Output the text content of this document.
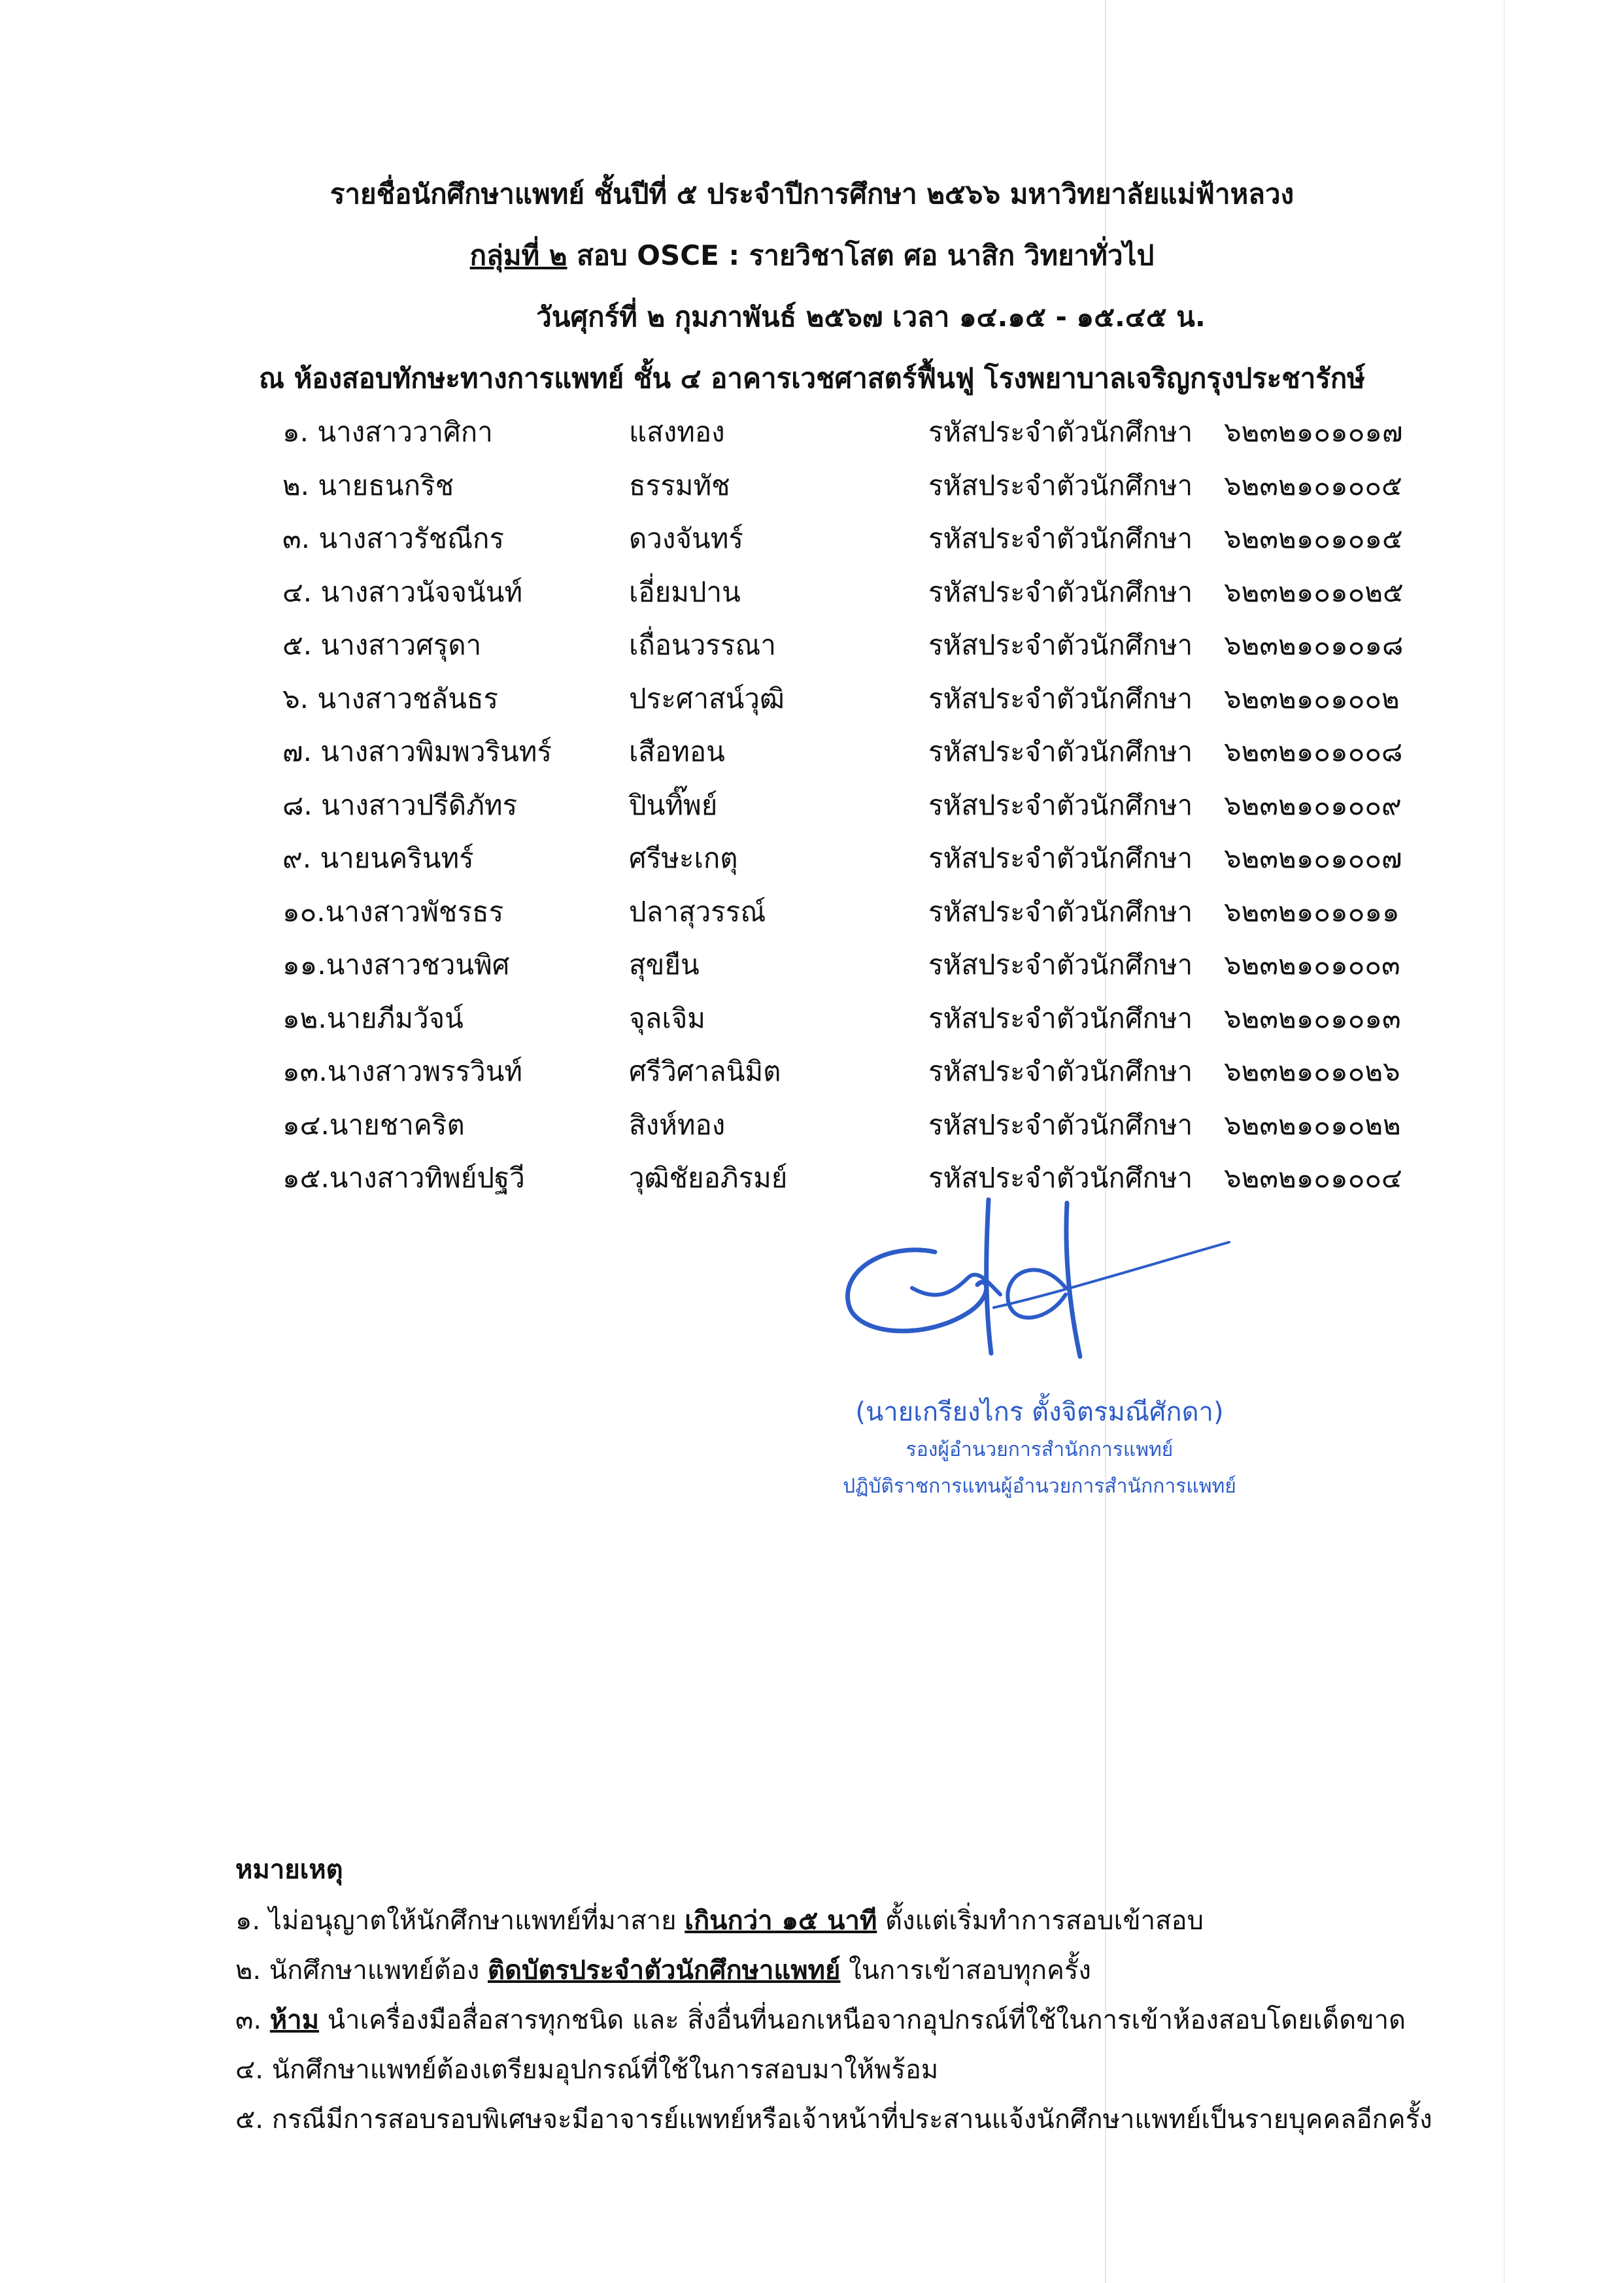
รายชื่อนักศึกษาแพทย์ ชั้นปีที่ ๕ ประจำปีการศึกษา ๒๕๖๖ มหาวิทยาลัยแม่ฟ้าหลวง
กลุ่มที่ ๒ สอบ OSCE : รายวิชาโสต ศอ นาสิก วิทยาทั่วไป
วันศุกร์ที่ ๒ กุมภาพันธ์ ๒๕๖๗ เวลา ๑๔.๑๕ - ๑๕.๔๕ น.
ณ ห้องสอบทักษะทางการแพทย์ ชั้น ๔ อาคารเวชศาสตร์ฟื้นฟู โรงพยาบาลเจริญกรุงประชารักษ์
๑. นางสาววาศิกา	แสงทอง	รหัสประจำตัวนักศึกษา ๖๒๓๒๑๐๑๐๑๗
๒. นายธนกริช	ธรรมทัช	รหัสประจำตัวนักศึกษา ๖๒๓๒๑๐๑๐๐๕
๓. นางสาวรัชณีกร	ดวงจันทร์	รหัสประจำตัวนักศึกษา ๖๒๓๒๑๐๑๐๑๕
๔. นางสาวนัจจนันท์	เอี่ยมปาน	รหัสประจำตัวนักศึกษา ๖๒๓๒๑๐๑๐๒๕
๕. นางสาวศรุดา	เถื่อนวรรณา	รหัสประจำตัวนักศึกษา ๖๒๓๒๑๐๑๐๑๘
๖. นางสาวชลันธร	ประศาสน์วุฒิ	รหัสประจำตัวนักศึกษา ๖๒๓๒๑๐๑๐๐๒
๗. นางสาวพิมพวรินทร์	เสือทอน	รหัสประจำตัวนักศึกษา ๖๒๓๒๑๐๑๐๐๘
๘. นางสาวปรีดิภัทร	ปินทิ๊พย์	รหัสประจำตัวนักศึกษา ๖๒๓๒๑๐๑๐๐๙
๙. นายนครินทร์	ศรีษะเกตุ	รหัสประจำตัวนักศึกษา ๖๒๓๒๑๐๑๐๐๗
๑๐.นางสาวพัชรธร	ปลาสุวรรณ์	รหัสประจำตัวนักศึกษา ๖๒๓๒๑๐๑๐๑๑
๑๑.นางสาวชวนพิศ	สุขยืน	รหัสประจำตัวนักศึกษา ๖๒๓๒๑๐๑๐๐๓
๑๒.นายภีมวัจน์	จุลเจิม	รหัสประจำตัวนักศึกษา ๖๒๓๒๑๐๑๐๑๓
๑๓.นางสาวพรรวินท์	ศรีวิศาลนิมิต	รหัสประจำตัวนักศึกษา ๖๒๓๒๑๐๑๐๒๖
๑๔.นายชาคริต	สิงห์ทอง	รหัสประจำตัวนักศึกษา ๖๒๓๒๑๐๑๐๒๒
๑๕.นางสาวทิพย์ปฐวี	วุฒิชัยอภิรมย์	รหัสประจำตัวนักศึกษา ๖๒๓๒๑๐๑๐๐๔
(นายเกรียงไกร ตั้งจิตรมณีศักดา)
รองผู้อำนวยการสำนักการแพทย์
ปฏิบัติราชการแทนผู้อำนวยการสำนักการแพทย์
หมายเหตุ
๑. ไม่อนุญาตให้นักศึกษาแพทย์ที่มาสาย เกินกว่า ๑๕ นาที ตั้งแต่เริ่มทำการสอบเข้าสอบ
๒. นักศึกษาแพทย์ต้อง ติดบัตรประจำตัวนักศึกษาแพทย์ ในการเข้าสอบทุกครั้ง
๓. ห้าม นำเครื่องมือสื่อสารทุกชนิด และ สิ่งอื่นที่นอกเหนือจากอุปกรณ์ที่ใช้ในการเข้าห้องสอบโดยเด็ดขาด
๔. นักศึกษาแพทย์ต้องเตรียมอุปกรณ์ที่ใช้ในการสอบมาให้พร้อม
๕. กรณีมีการสอบรอบพิเศษจะมีอาจารย์แพทย์หรือเจ้าหน้าที่ประสานแจ้งนักศึกษาแพทย์เป็นรายบุคคลอีกครั้ง
